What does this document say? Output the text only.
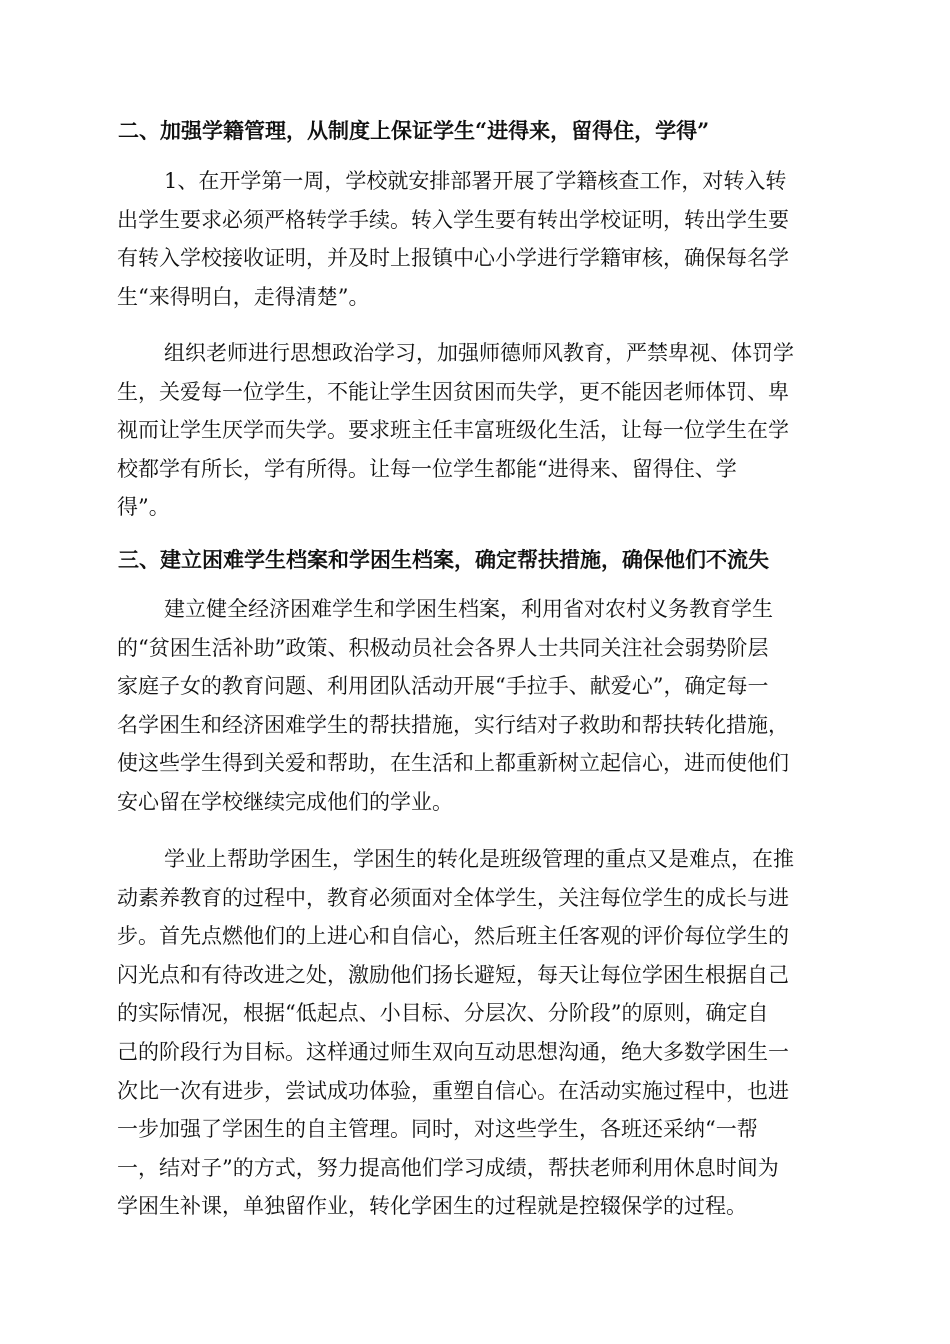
二、加强学籍管理，从制度上保证学生“进得来，留得住，学得”

1、在开学第一周，学校就安排部署开展了学籍核查工作，对转入转
出学生要求必须严格转学手续。转入学生要有转出学校证明，转出学生要
有转入学校接收证明，并及时上报镇中心小学进行学籍审核，确保每名学
生“来得明白，走得清楚”。

组织老师进行思想政治学习，加强师德师风教育，严禁卑视、体罚学
生，关爱每一位学生，不能让学生因贫困而失学，更不能因老师体罚、卑
视而让学生厌学而失学。要求班主任丰富班级化生活，让每一位学生在学
校都学有所长，学有所得。让每一位学生都能“进得来、留得住、学
得”。

三、建立困难学生档案和学困生档案，确定帮扶措施，确保他们不流失

建立健全经济困难学生和学困生档案，利用省对农村义务教育学生
的“贫困生活补助”政策、积极动员社会各界人士共同关注社会弱势阶层
家庭子女的教育问题、利用团队活动开展“手拉手、献爱心”，确定每一
名学困生和经济困难学生的帮扶措施，实行结对子救助和帮扶转化措施，
使这些学生得到关爱和帮助，在生活和上都重新树立起信心，进而使他们
安心留在学校继续完成他们的学业。

学业上帮助学困生，学困生的转化是班级管理的重点又是难点，在推
动素养教育的过程中，教育必须面对全体学生，关注每位学生的成长与进
步。首先点燃他们的上进心和自信心，然后班主任客观的评价每位学生的
闪光点和有待改进之处，激励他们扬长避短，每天让每位学困生根据自己
的实际情况，根据“低起点、小目标、分层次、分阶段”的原则，确定自
己的阶段行为目标。这样通过师生双向互动思想沟通，绝大多数学困生一
次比一次有进步，尝试成功体验，重塑自信心。在活动实施过程中，也进
一步加强了学困生的自主管理。同时，对这些学生，各班还采纳“一帮
一，结对子”的方式，努力提高他们学习成绩，帮扶老师利用休息时间为
学困生补课，单独留作业，转化学困生的过程就是控辍保学的过程。
